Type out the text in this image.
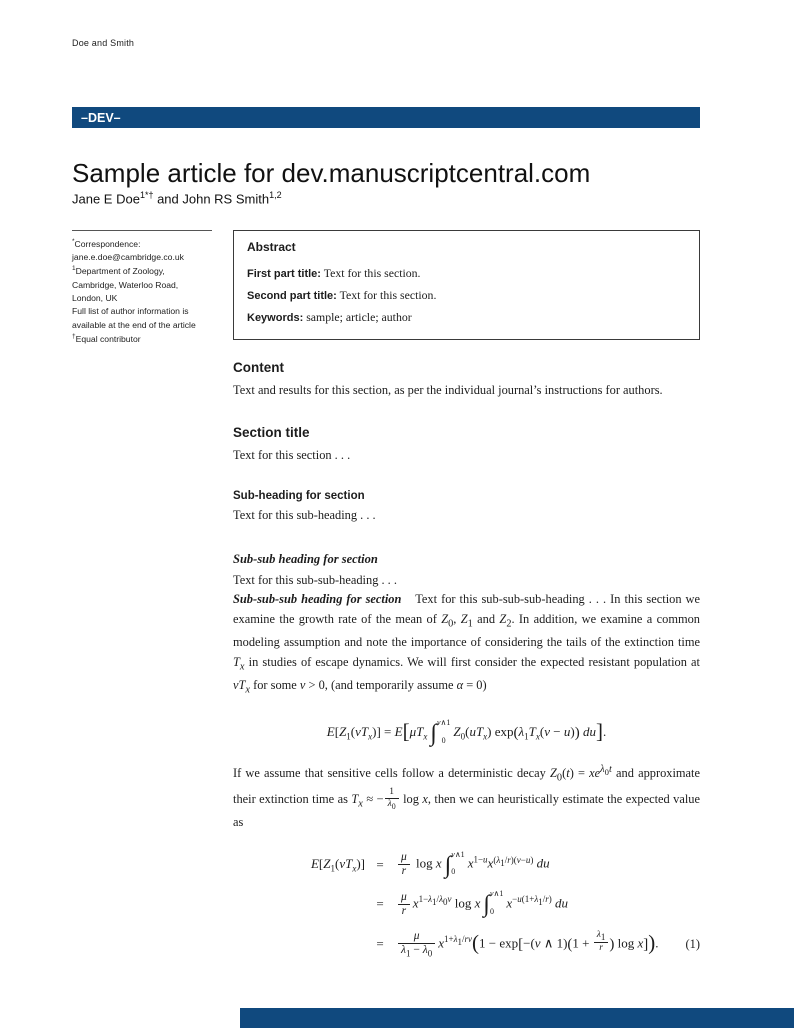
Doe and Smith
–DEV–
Sample article for dev.manuscriptcentral.com
Jane E Doe$^{1*\dagger}$ and John RS Smith$^{1,2}$
*Correspondence:
jane.e.doe@cambridge.co.uk
$^1$Department of Zoology,
Cambridge, Waterloo Road,
London, UK
Full list of author information is
available at the end of the article
†Equal contributor
Abstract
First part title: Text for this section.
Second part title: Text for this section.
Keywords: sample; article; author
Content

Text and results for this section, as per the individual journal’s instructions for authors.

Section title

Text for this section . . .

Sub-heading for section

Text for this sub-heading . . .

Sub-sub heading for section

Text for this sub-sub-heading . . .

Sub-sub-sub heading for section Text for this sub-sub-sub-heading . . . In this section we examine the growth rate of the mean of $Z_0$, $Z_1$ and $Z_2$. In addition, we examine a common modeling assumption and note the importance of considering the tails of the extinction time $T_x$ in studies of escape dynamics. We will first consider the expected resistant population at $vT_x$ for some v > 0, (and temporarily assume α = 0)

$E[Z_1(vT_x)] = E[\mu T_x$ ∫ v∧1
0
$Z_0(uT_x) \exp(\lambda_1T_x(v - u))$ du].

If we assume that sensitive cells follow a deterministic decay $Z_0(t) = xe^{\lambda_0t}$ and approximate their extinction time as $T_x$ ≈ − $\frac{1}{\lambda_0}$ log x, then we can heuristically estimate the expected value as

$E[Z_1(vT_x)]$ =	$\frac{\mu}{r}$ log x ∫ v∧1
0
$x^{1-u}x^{(\lambda_1/r)(v-u)}$ du
=	$\frac{\mu}{r} x^{1-\lambda_1/\lambda_0v}$ log x ∫ v∧1
0
$x^{-u(1+\lambda_1/r)}$ du
=	$\frac{\mu}{\lambda_1 - \lambda_0} x^{1+\lambda_1/rv}(1 - \exp[-(v$ ∧ $1)(1 + \frac{\lambda_1}{r}$ ) log x]).	(1)
